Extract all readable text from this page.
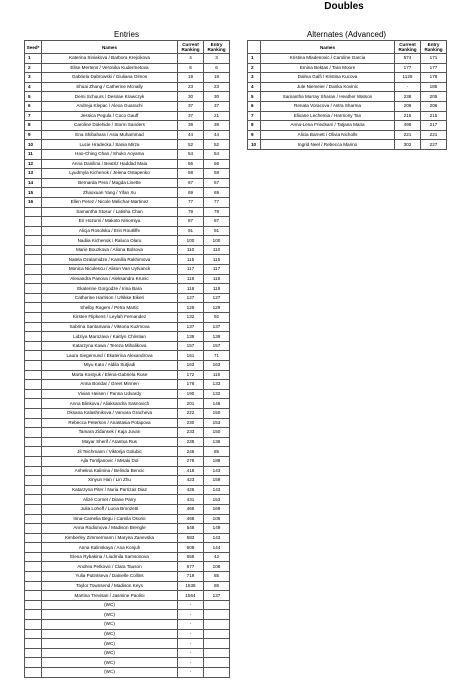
Doubles
Entries	Alternates (Advanced)
Seed*	Names	Current Ranking	Entry Ranking
1	Katerina Siniakova / Barbora Krejcikova	4	3
2	Elise Mertens / Veronika Kudermetova	6	6
3	Gabriela Dabrowski / Giuliana Olmos	19	19
4	Shuai Zhang / Catherine Mcnally	23	23
5	Demi Schuurs / Desirae Krawczyk	30	30
6	Andreja Klepac / Alexa Guarachi	37	37
7	Jessica Pegula / Coco Gauff	37	21
8	Caroline Dolehide / Storm Sanders	39	39
9	Ena Shibahara / Asia Muhammad	44	44
10	Lucie Hradecka / Sania Mirza	52	52
11	Hao-Ching Chan / Shuko Aoyama	54	54
12	Anna Danilina / Beatriz Haddad Maia	56	56
13	Lyudmyla Kichenok / Jelena Ostapenko	58	58
14	Bernarda Pera / Magda Linette	67	67
15	Zhaoxuan Yang / Yifan Xu	69	69
16	Ellen Perez / Nicole Melichar-Martinez	77	77
	Samantha Stosur / Latisha Chan	79	79
	Eri Hozumi / Makoto Ninomiya	87	87
	Alicja Rosolska / Erin Routliffe	91	91
	Nadiia Kichenok / Raluca Olaru	100	100
	Marie Bouzkova / Aliona Bolsova	110	110
	Natela Dzalamidze / Kamilla Rakhimova	115	115
	Monica Niculescu / Alison Van Uytvanck	117	117
	Alexandra Panova / Aleksandra Krunic	118	118
	Ekaterine Gorgodze / Irina Bara	118	118
	Catherine Harrison / Ulrikke Eikeri	127	127
	Shelby Rogers / Petra Martic	129	129
	Kirsten Flipkens / Leylah Fernandez	132	92
	Sabrina Santamaria / Viktoria Kuzmova	137	137
	Lidziya Marozava / Kaitlyn Christian	139	139
	Katarzyna Kawa / Tereza Mihalikova	157	157
	Laura Siegemund / Ekaterina Alexandrova	161	71
	Miyu Kato / Aldila Sutjiadi	163	163
	Marta Kostyuk / Elena-Gabriela Ruse	172	116
	Anna Bondar / Greet Minnen	176	133
	Vivian Heisen / Panna Udvardy	190	132
	Anna Blinkova / Aliaksandra Sasnovich	201	146
	Oksana Kalashnikova / Varvara Gracheva	222	150
	Rebecca Peterson / Anastasia Potapova	230	153
	Tamara Zidansek / Kaja Juvan	233	150
	Mayar Sherif / Arantxa Rus	238	136
	Jil Teichmann / Viktorija Golubic	246	85
	Ajla Tomljanovic / Misaki Doi	278	188
	Anhelina Kalinina / Belinda Bencic	418	143
	Xinyun Han / Lin Zhu	423	159
	Katarzyna Piter / Nuria Parrizas Diaz	426	143
	Alizé Cornet / Diane Parry	431	153
	Julia Lohoff / Lucia Bronzetti	466	169
	Irina-Camelia Begu / Camila Osorio	468	105
	Anna Rodionova / Madison Brengle	548	149
	Kimberley Zimmermann / Maryna Zanevska	583	143
	Anna Kalinskaya / Ana Konjuh	608	144
	Elena Rybakina / Liudmila Samsonova	656	42
	Andrea Petkovic / Clara Tauson	677	108
	Yulia Putintseva / Danielle Collins	719	85
	Taylor Townsend / Madison Keys	1536	86
	Martina Trevisan / Jasmine Paolini	1564	137
	(WC)	-	
	(WC)	-	
	(WC)	-	
	(WC)	-	
	(WC)	-	
	(WC)	-	
	(WC)	-	
	(WC)	-	
	Names	Current Ranking	Entry Ranking
1	Kristina Mladenovic / Caroline Garcia	574	171
2	Emina Bektas / Tara Moore	177	177
3	Dalma Galfi / Kristina Kucova	1126	178
4	Jule Niemeier / Danka Kovinic	-	185
5	Samantha Murray Sharan / Heather Watson	238	205
6	Renata Voracova / Astra Sharma	206	206
7	Elixane Lechemia / Harmony Tan	215	215
8	Anna-Lena Friedsam / Tatjana Maria	496	217
9	Alicia Barnett / Olivia Nicholls	221	221
10	Ingrid Neel / Rebecca Marino	302	227
